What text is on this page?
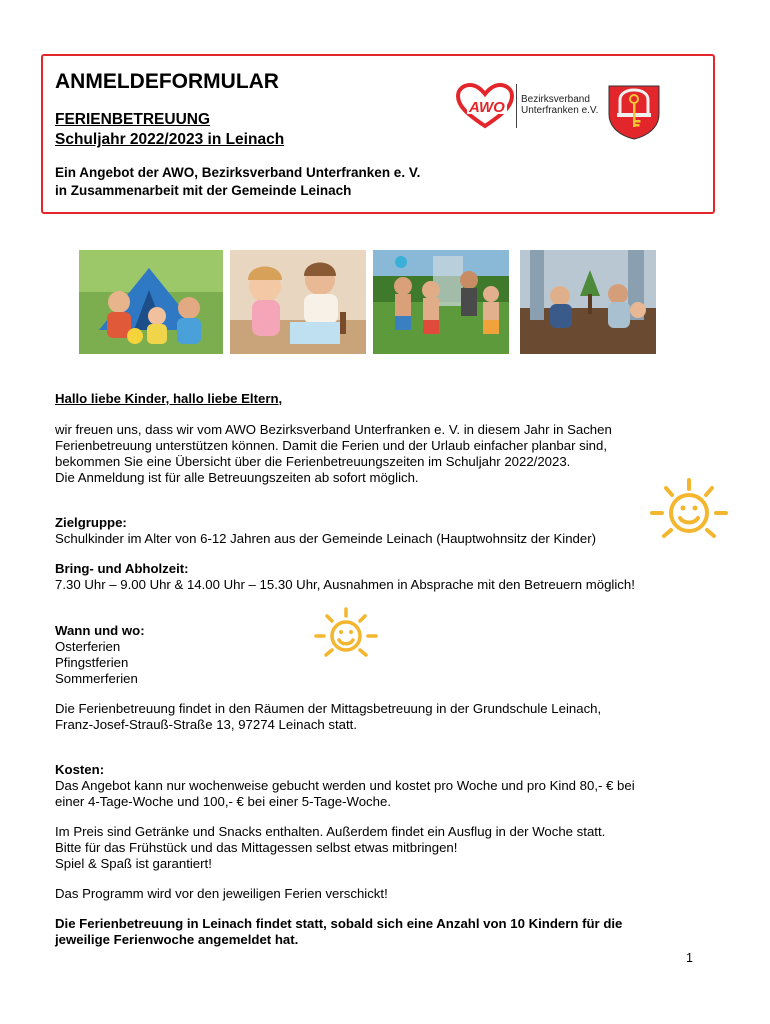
ANMELDEFORMULAR
FERIENBETREUUNG
Schuljahr 2022/2023 in Leinach
Ein Angebot der AWO, Bezirksverband Unterfranken e. V.
in Zusammenarbeit mit der Gemeinde Leinach
AWO Bezirksverband
Unterfranken e.V.
Hallo liebe Kinder, hallo liebe Eltern,
wir freuen uns, dass wir vom AWO Bezirksverband Unterfranken e. V. in diesem Jahr in Sachen
Ferienbetreuung unterstützen können. Damit die Ferien und der Urlaub einfacher planbar sind,
bekommen Sie eine Übersicht über die Ferienbetreuungszeiten im Schuljahr 2022/2023.
Die Anmeldung ist für alle Betreuungszeiten ab sofort möglich.
Zielgruppe:
Schulkinder im Alter von 6-12 Jahren aus der Gemeinde Leinach (Hauptwohnsitz der Kinder)
Bring- und Abholzeit:
7.30 Uhr – 9.00 Uhr & 14.00 Uhr – 15.30 Uhr, Ausnahmen in Absprache mit den Betreuern möglich!
Wann und wo:
Osterferien
Pfingstferien
Sommerferien
Die Ferienbetreuung findet in den Räumen der Mittagsbetreuung in der Grundschule Leinach,
Franz-Josef-Strauß-Straße 13, 97274 Leinach statt.
Kosten:
Das Angebot kann nur wochenweise gebucht werden und kostet pro Woche und pro Kind 80,- € bei
einer 4-Tage-Woche und 100,- € bei einer 5-Tage-Woche.
Im Preis sind Getränke und Snacks enthalten. Außerdem findet ein Ausflug in der Woche statt.
Bitte für das Frühstück und das Mittagessen selbst etwas mitbringen!
Spiel & Spaß ist garantiert!
Das Programm wird vor den jeweiligen Ferien verschickt!
Die Ferienbetreuung in Leinach findet statt, sobald sich eine Anzahl von 10 Kindern für die
jeweilige Ferienwoche angemeldet hat.
1
